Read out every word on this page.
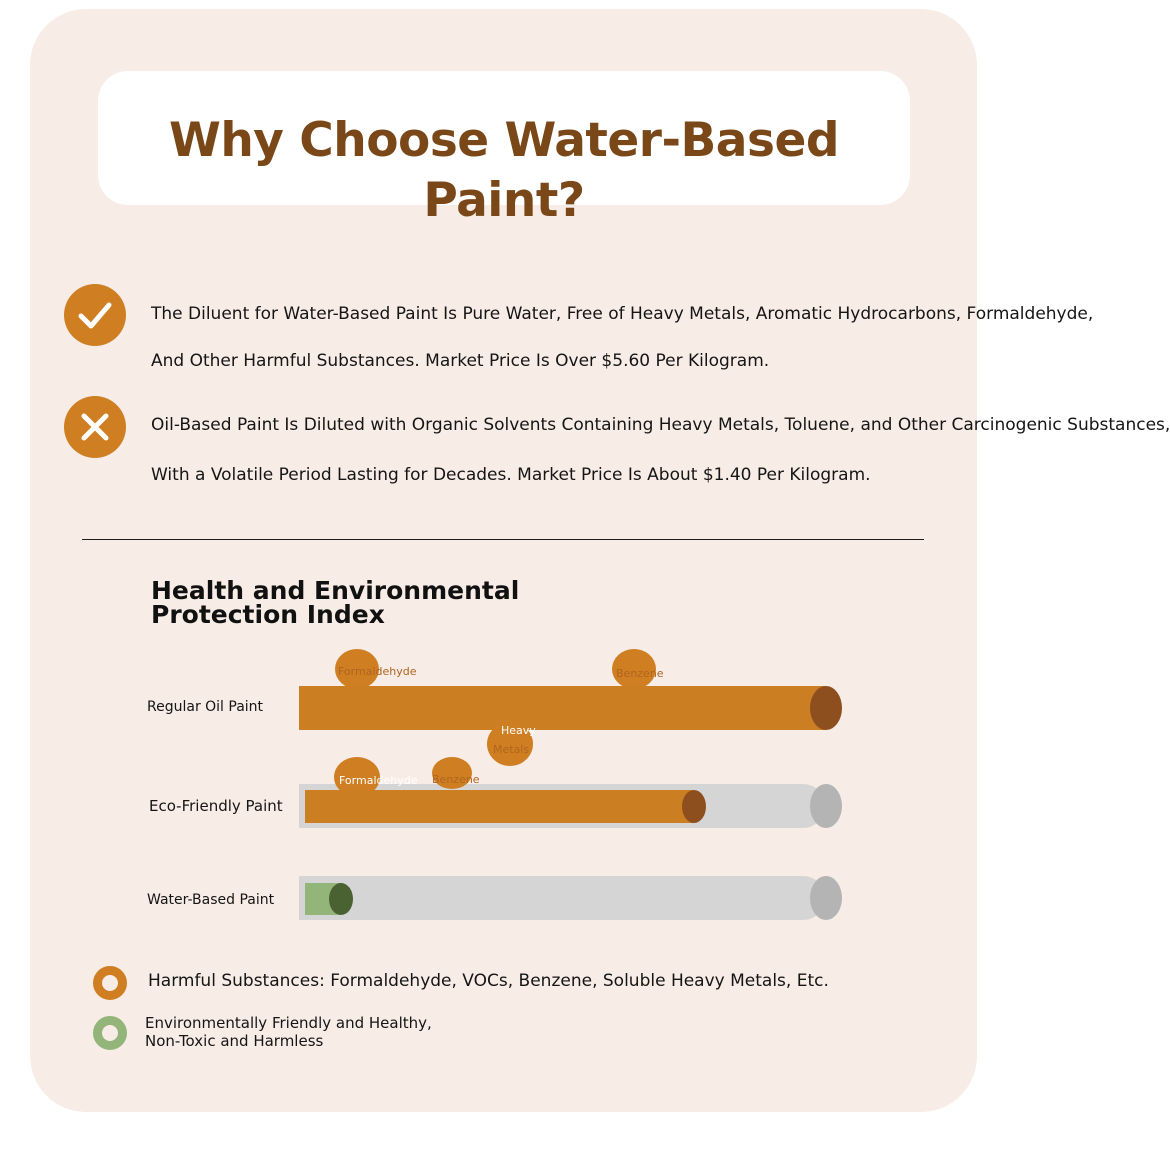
Why Choose Water-Based Paint?
The Diluent for Water-Based Paint Is Pure Water, Free of Heavy Metals, Aromatic Hydrocarbons, Formaldehyde,
And Other Harmful Substances. Market Price Is Over $5.60 Per Kilogram.
Oil-Based Paint Is Diluted with Organic Solvents Containing Heavy Metals, Toluene, and Other Carcinogenic Substances,
With a Volatile Period Lasting for Decades. Market Price Is About $1.40 Per Kilogram.
Health and Environmental
Protection Index
Regular Oil Paint
Formaldehyde	Benzene
Eco-Friendly Paint
Heavy
Metals
Formaldehyde Benzene
Water-Based Paint
Harmful Substances: Formaldehyde, VOCs, Benzene, Soluble Heavy Metals, Etc.
Environmentally Friendly and Healthy,
Non-Toxic and Harmless
